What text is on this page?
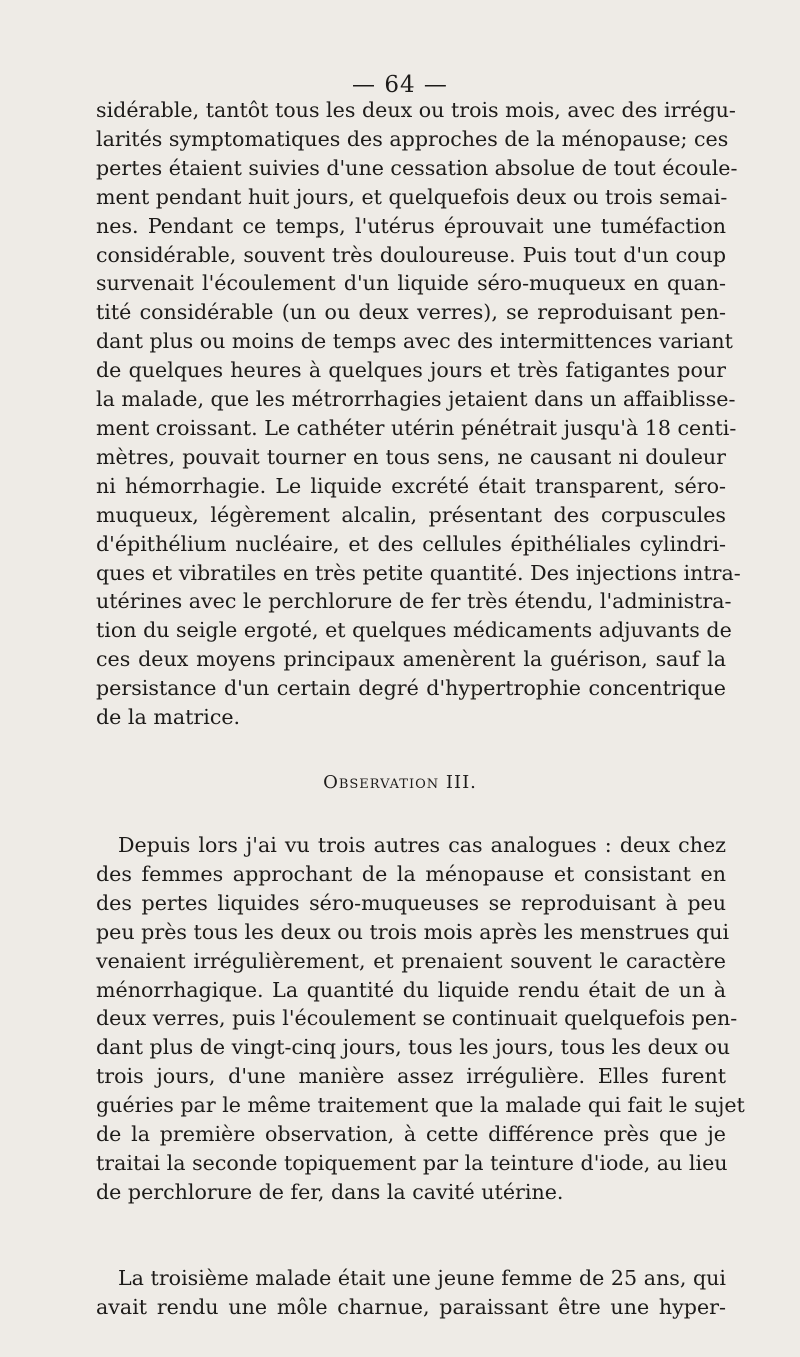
— 64 —
sidérable, tantôt tous les deux ou trois mois, avec des irrégu-
larités symptomatiques des approches de la ménopause; ces
pertes étaient suivies d'une cessation absolue de tout écoule-
ment pendant huit jours, et quelquefois deux ou trois semai-
nes. Pendant ce temps, l'utérus éprouvait une tuméfaction
considérable, souvent très douloureuse. Puis tout d'un coup
survenait l'écoulement d'un liquide séro-muqueux en quan-
tité considérable (un ou deux verres), se reproduisant pen-
dant plus ou moins de temps avec des intermittences variant
de quelques heures à quelques jours et très fatigantes pour
la malade, que les métrorrhagies jetaient dans un affaiblisse-
ment croissant. Le cathéter utérin pénétrait jusqu'à 18 centi-
mètres, pouvait tourner en tous sens, ne causant ni douleur
ni hémorrhagie. Le liquide excrété était transparent, séro-
muqueux, légèrement alcalin, présentant des corpuscules
d'épithélium nucléaire, et des cellules épithéliales cylindri-
ques et vibratiles en très petite quantité. Des injections intra-
utérines avec le perchlorure de fer très étendu, l'administra-
tion du seigle ergoté, et quelques médicaments adjuvants de
ces deux moyens principaux amenèrent la guérison, sauf la
persistance d'un certain degré d'hypertrophie concentrique
de la matrice.
Observation III.
Depuis lors j'ai vu trois autres cas analogues : deux chez
des femmes approchant de la ménopause et consistant en
des pertes liquides séro-muqueuses se reproduisant à peu
peu près tous les deux ou trois mois après les menstrues qui
venaient irrégulièrement, et prenaient souvent le caractère
ménorrhagique. La quantité du liquide rendu était de un à
deux verres, puis l'écoulement se continuait quelquefois pen-
dant plus de vingt-cinq jours, tous les jours, tous les deux ou
trois jours, d'une manière assez irrégulière. Elles furent
guéries par le même traitement que la malade qui fait le sujet
de la première observation, à cette différence près que je
traitai la seconde topiquement par la teinture d'iode, au lieu
de perchlorure de fer, dans la cavité utérine.
La troisième malade était une jeune femme de 25 ans, qui
avait rendu une môle charnue, paraissant être une hyper-
